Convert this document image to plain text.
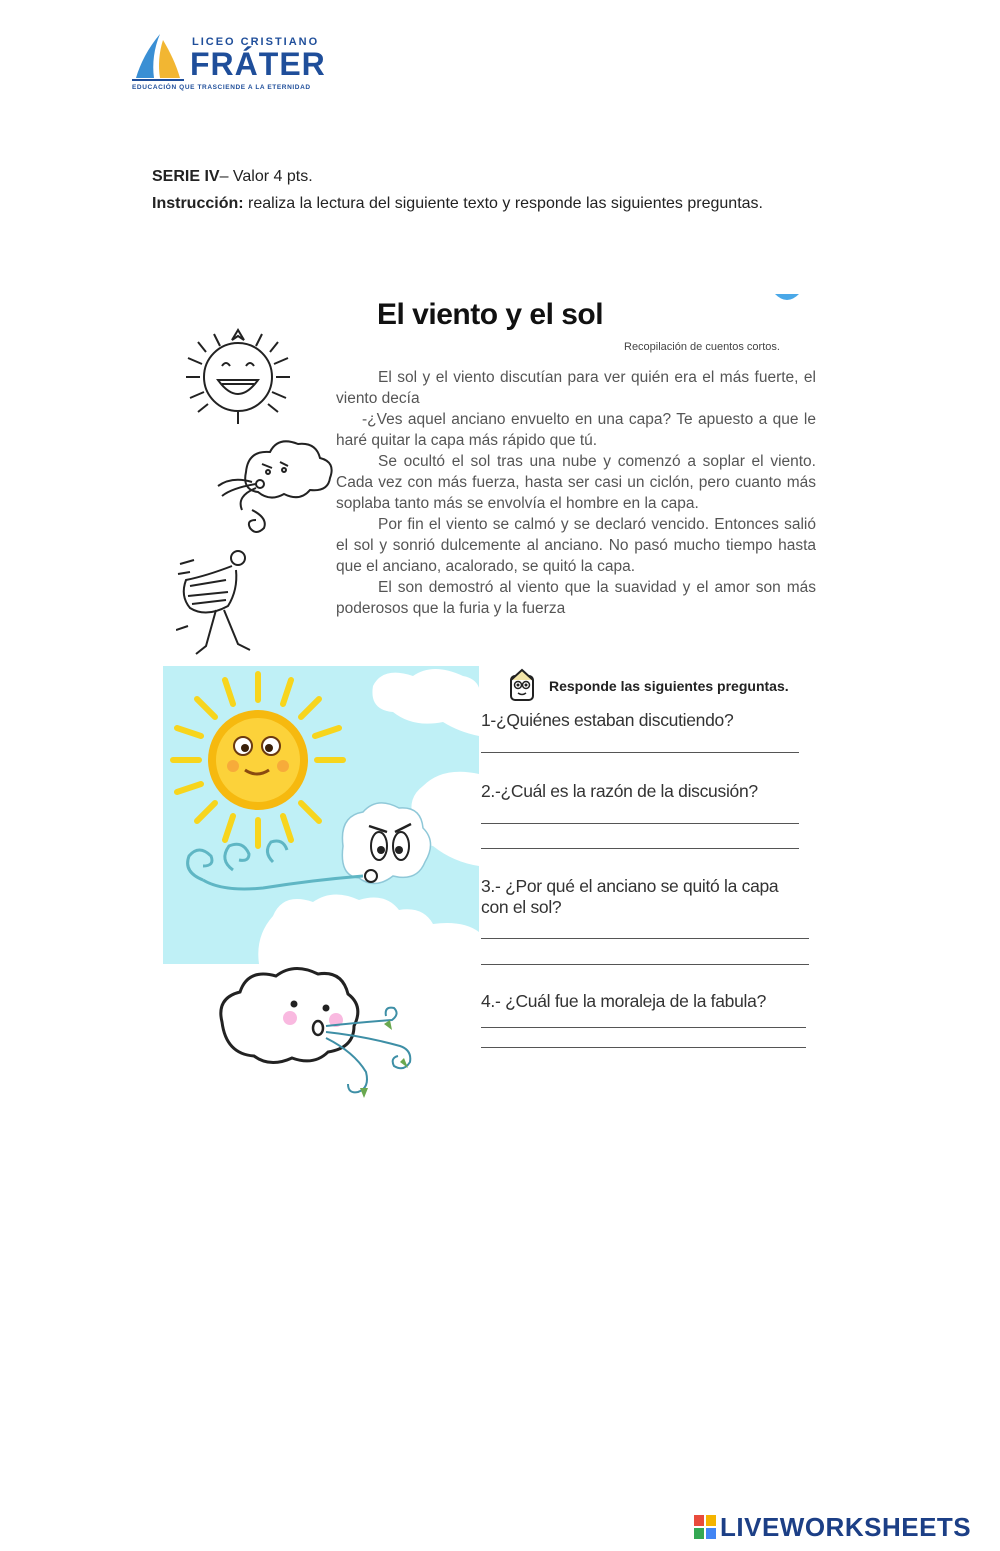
LICEO CRISTIANO
FRÁTER
EDUCACIÓN QUE TRASCIENDE A LA ETERNIDAD
SERIE IV– Valor 4 pts.
Instrucción: realiza la lectura del siguiente texto y responde las siguientes preguntas.
El viento y el sol
Recopilación de cuentos cortos.

El sol y el viento discutían para ver quién era el más fuerte, el viento decía

-¿Ves aquel anciano envuelto en una capa? Te apuesto a que le haré quitar la capa más rápido que tú.

Se ocultó el sol tras una nube y comenzó a soplar el viento. Cada vez con más fuerza, hasta ser casi un ciclón, pero cuanto más soplaba tanto más se envolvía el hombre en la capa.

Por fin el viento se calmó y se declaró vencido. Entonces salió el sol y sonrió dulcemente al anciano. No pasó mucho tiempo hasta que el anciano, acalorado, se quitó la capa.

El son demostró al viento que la suavidad y el amor son más poderosos que la furia y la fuerza

Responde las siguientes preguntas.
1-¿Quiénes estaban discutiendo?
2.-¿Cuál es la razón de la discusión?
3.- ¿Por qué el anciano se quitó la capa con el sol?
4.- ¿Cuál fue la moraleja de la fabula?
LIVEWORKSHEETS
